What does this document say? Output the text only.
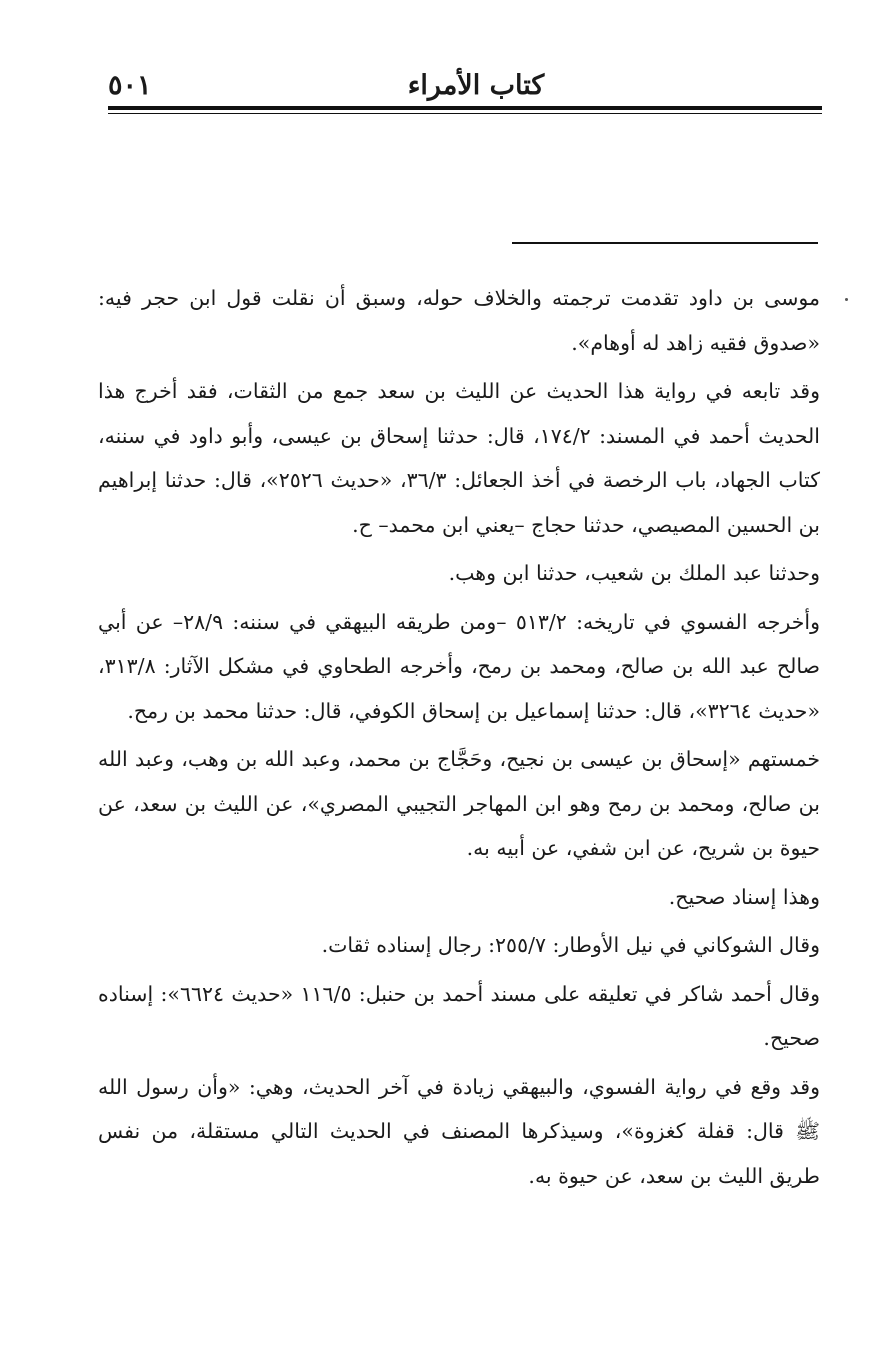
٥٠١	كتاب الأمراء

موسى بن داود تقدمت ترجمته والخلاف حوله، وسبق أن نقلت قول ابن حجر فيه: «صدوق فقيه زاهد له أوهام».

وقد تابعه في رواية هذا الحديث عن الليث بن سعد جمع من الثقات، فقد أخرج هذا الحديث أحمد في المسند: ١٧٤/٢، قال: حدثنا إسحاق بن عيسى، وأبو داود في سننه، كتاب الجهاد، باب الرخصة في أخذ الجعائل: ٣٦/٣، «حديث ٢٥٢٦»، قال: حدثنا إبراهيم بن الحسين المصيصي، حدثنا حجاج –يعني ابن محمد– ح.

وحدثنا عبد الملك بن شعيب، حدثنا ابن وهب.

وأخرجه الفسوي في تاريخه: ٥١٣/٢ –ومن طريقه البيهقي في سننه: ٢٨/٩– عن أبي صالح عبد الله بن صالح، ومحمد بن رمح، وأخرجه الطحاوي في مشكل الآثار: ٣١٣/٨، «حديث ٣٢٦٤»، قال: حدثنا إسماعيل بن إسحاق الكوفي، قال: حدثنا محمد بن رمح.

خمستهم «إسحاق بن عيسى بن نجيح، وحَجَّاج بن محمد، وعبد الله بن وهب، وعبد الله بن صالح، ومحمد بن رمح وهو ابن المهاجر التجيبي المصري»، عن الليث بن سعد، عن حيوة بن شريح، عن ابن شفي، عن أبيه به.

وهذا إسناد صحيح.

وقال الشوكاني في نيل الأوطار: ٢٥٥/٧: رجال إسناده ثقات.

وقال أحمد شاكر في تعليقه على مسند أحمد بن حنبل: ١١٦/٥ «حديث ٦٦٢٤»: إسناده صحيح.

وقد وقع في رواية الفسوي، والبيهقي زيادة في آخر الحديث، وهي: «وأن رسول الله ﷺ قال: قفلة كغزوة»، وسيذكرها المصنف في الحديث التالي مستقلة، من نفس طريق الليث بن سعد، عن حيوة به.
